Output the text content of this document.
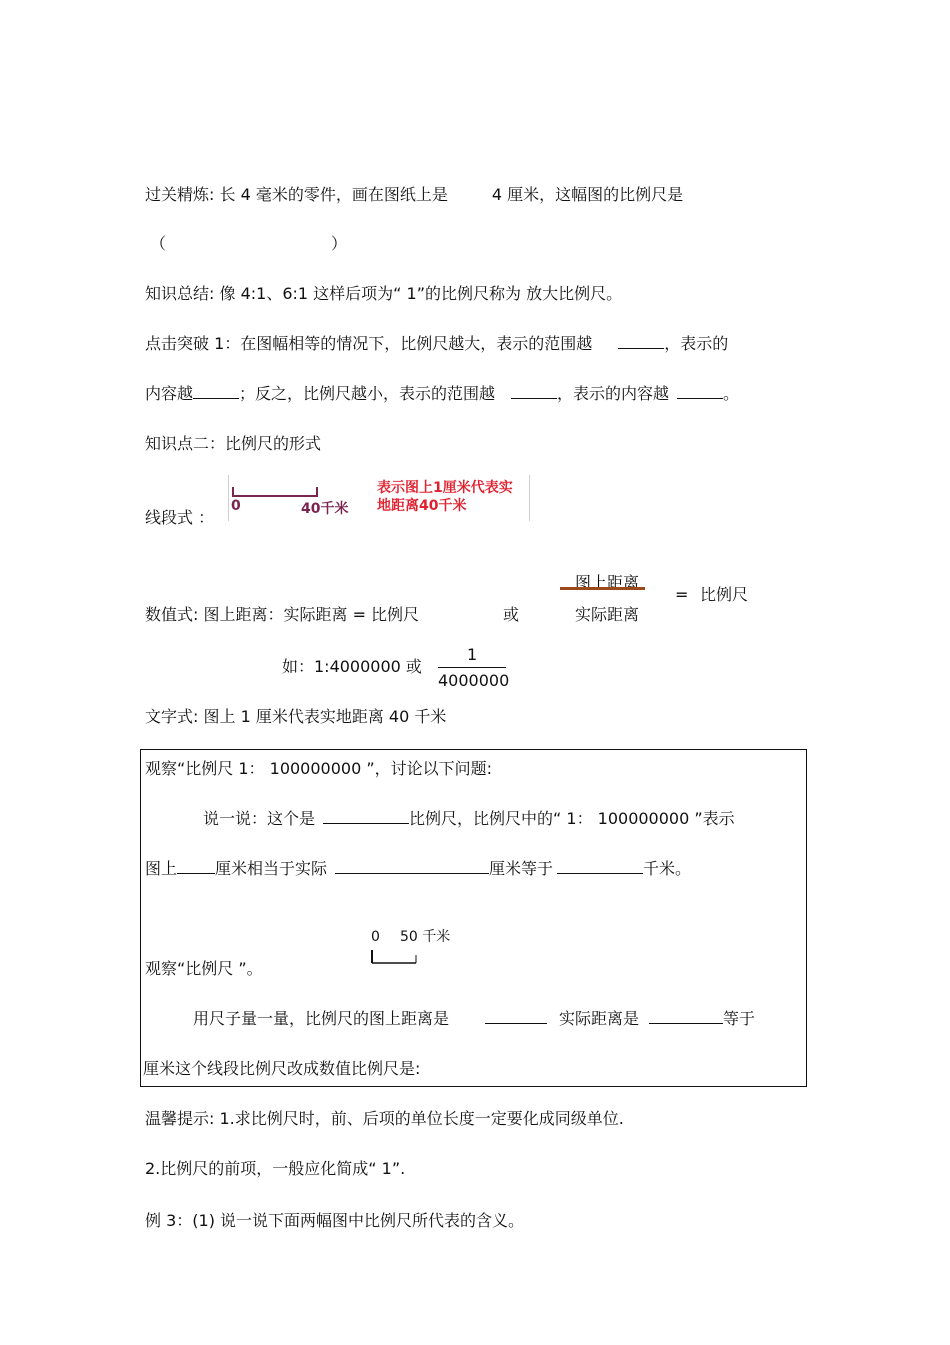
过关精炼: 长 4 毫米的零件，画在图纸上是	4 厘米，这幅图的比例尺是
（	）
知识总结: 像 4:1、6:1 这样后项为“ 1”的比例尺称为 放大比例尺。
点击突破 1：在图幅相等的情况下，比例尺越大，表示的范围越	，表示的
内容越	；反之，比例尺越小，表示的范围越	，表示的内容越	。
知识点二：比例尺的形式
线段式 ：
0	40千米
表示图上1厘米代表实
地距离40千米
数值式: 图上距离：实际距离 = 比例尺	或
图上距离
实际距离
= 比例尺
如：1:4000000 或
1
4000000
文字式: 图上 1 厘米代表实地距离 40 千米
观察“比例尺 1： 100000000 ”，讨论以下问题:
说一说：这个是	比例尺，比例尺中的“ 1： 100000000 ”表示
图上 厘米相当于实际	厘米等于	千米。
0 50 千米
观察“比例尺 ”。
用尺子量一量，比例尺的图上距离是	实际距离是	等于
厘米这个线段比例尺改成数值比例尺是:
温馨提示: 1.求比例尺时，前、后项的单位长度一定要化成同级单位.
2.比例尺的前项，一般应化简成“ 1”.
例 3：(1) 说一说下面两幅图中比例尺所代表的含义。
